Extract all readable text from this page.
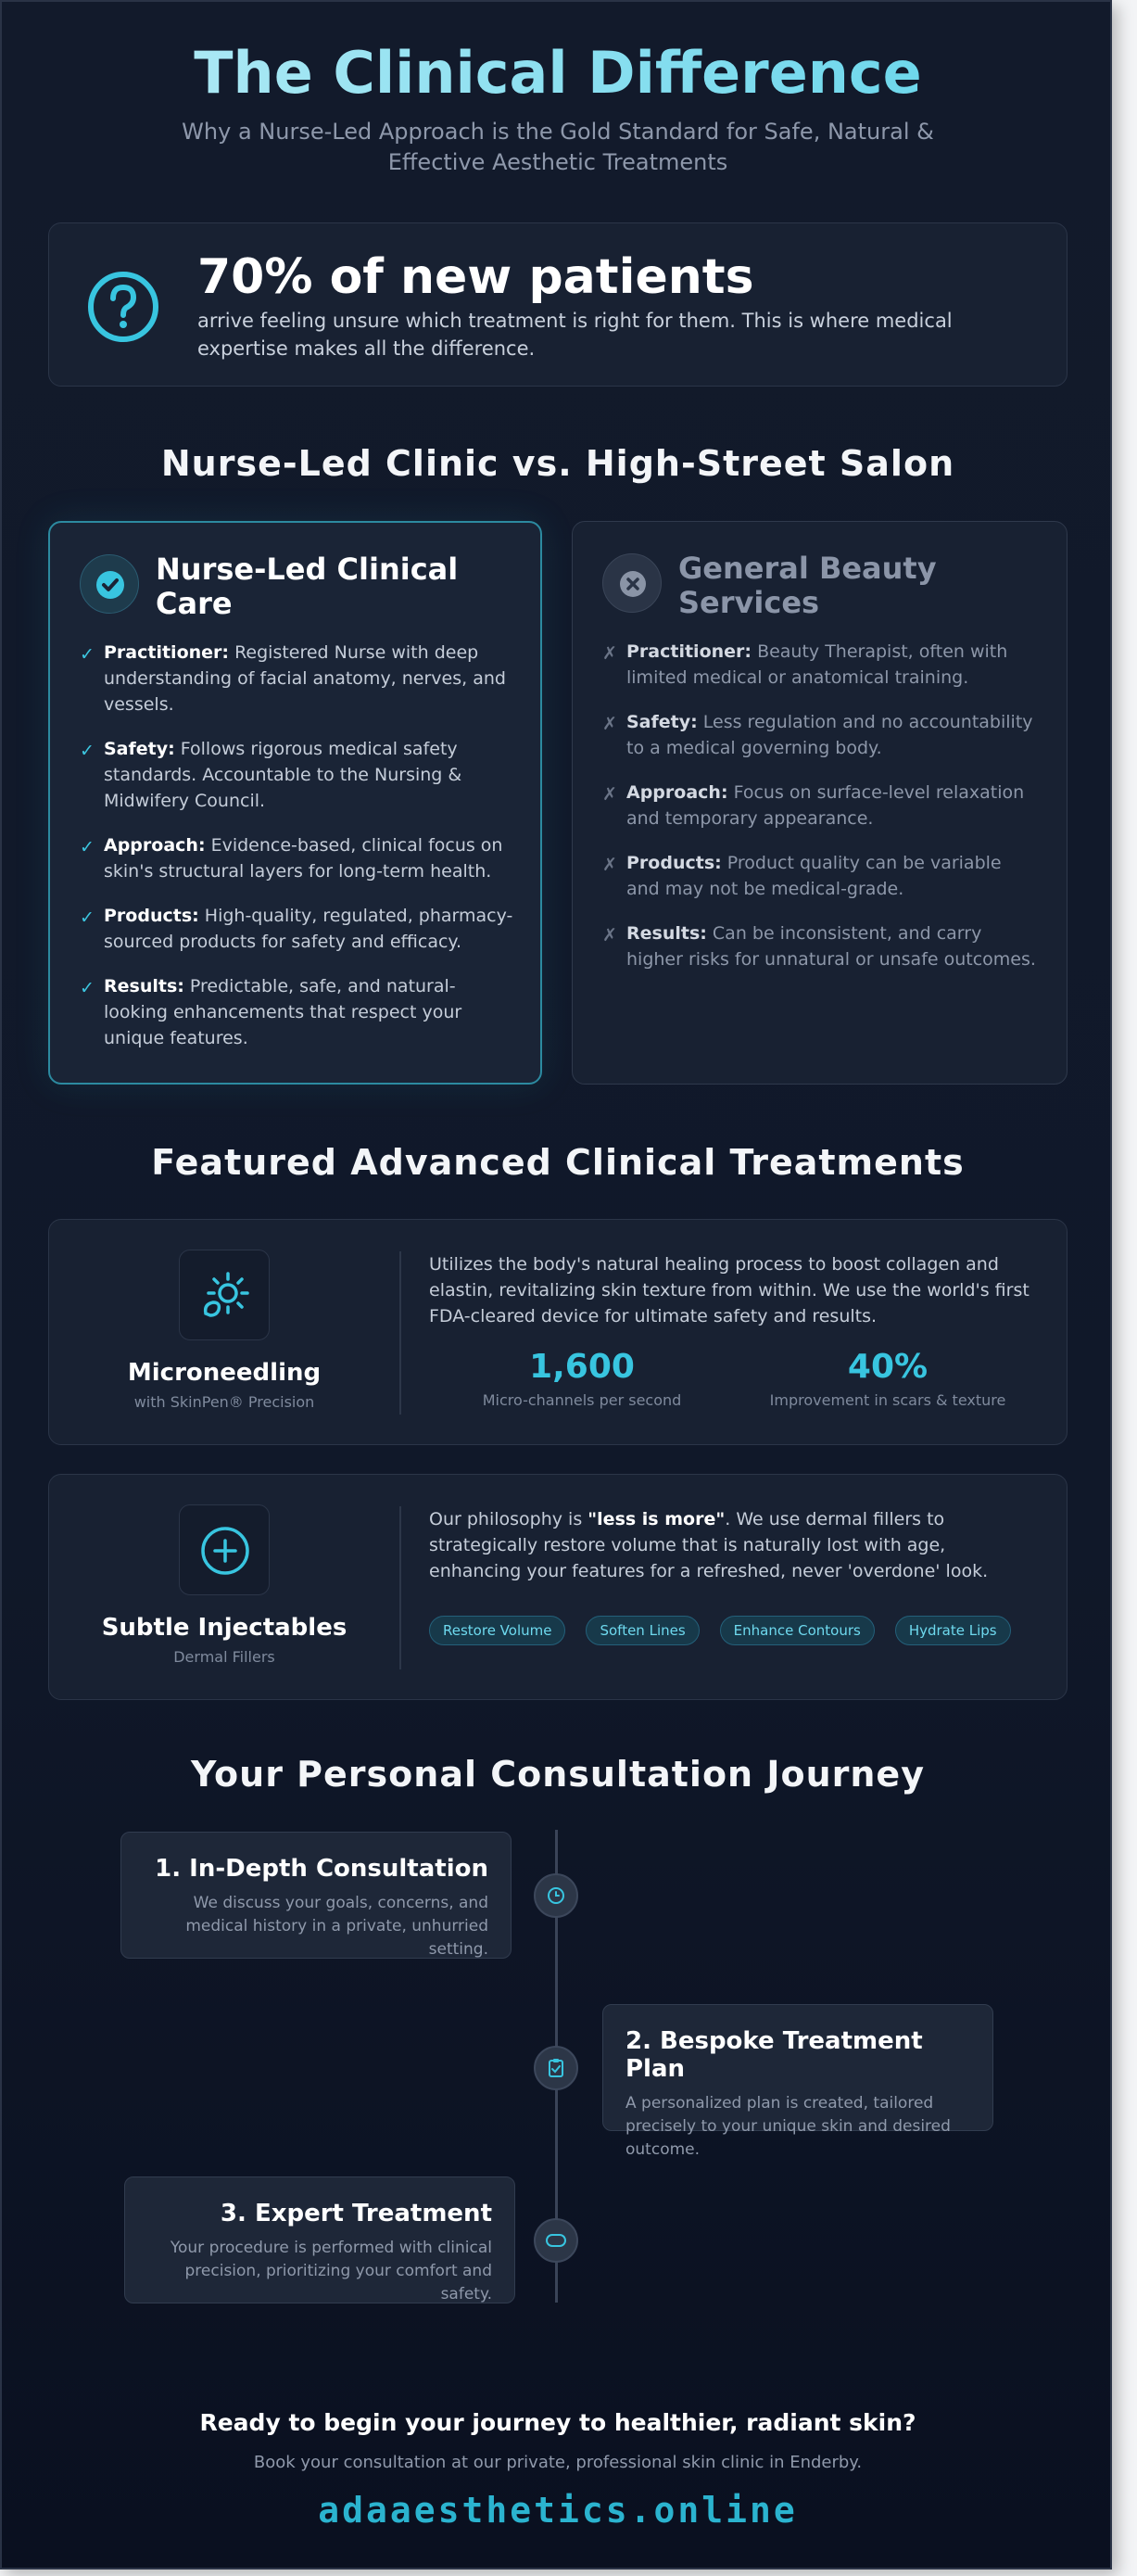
The Clinical Difference

Why a Nurse-Led Approach is the Gold Standard for Safe, Natural & Effective Aesthetic Treatments

70% of new patients
arrive feeling unsure which treatment is right for them. This is where medical expertise makes all the difference.
Nurse-Led Clinic vs. High-Street Salon
Nurse-Led Clinical Care
✓ Practitioner: Registered Nurse with deep understanding of facial anatomy, nerves, and vessels.
✓ Safety: Follows rigorous medical safety standards. Accountable to the Nursing & Midwifery Council.
✓ Approach: Evidence-based, clinical focus on skin's structural layers for long-term health.
✓ Products: High-quality, regulated, pharmacy-sourced products for safety and efficacy.
✓ Results: Predictable, safe, and natural-looking enhancements that respect your unique features.
General Beauty Services
✗ Practitioner: Beauty Therapist, often with limited medical or anatomical training.
✗ Safety: Less regulation and no accountability to a medical governing body.
✗ Approach: Focus on surface-level relaxation and temporary appearance.
✗ Products: Product quality can be variable and may not be medical-grade.
✗ Results: Can be inconsistent, and carry higher risks for unnatural or unsafe outcomes.
Featured Advanced Clinical Treatments
Microneedling
with SkinPen® Precision
Utilizes the body's natural healing process to boost collagen and elastin, revitalizing skin texture from within. We use the world's first FDA-cleared device for ultimate safety and results.
1,600
Micro-channels per second
40%
Improvement in scars & texture
Subtle Injectables
Dermal Fillers
Our philosophy is "less is more". We use dermal fillers to strategically restore volume that is naturally lost with age, enhancing your features for a refreshed, never 'overdone' look.
Restore Volume	Soften Lines	Enhance Contours	Hydrate Lips
Your Personal Consultation Journey
1. In-Depth Consultation
We discuss your goals, concerns, and medical history in a private, unhurried setting.
2. Bespoke Treatment Plan
A personalized plan is created, tailored precisely to your unique skin and desired outcome.
3. Expert Treatment
Your procedure is performed with clinical precision, prioritizing your comfort and safety.
Ready to begin your journey to healthier, radiant skin?
Book your consultation at our private, professional skin clinic in Enderby.
adaaesthetics.online
